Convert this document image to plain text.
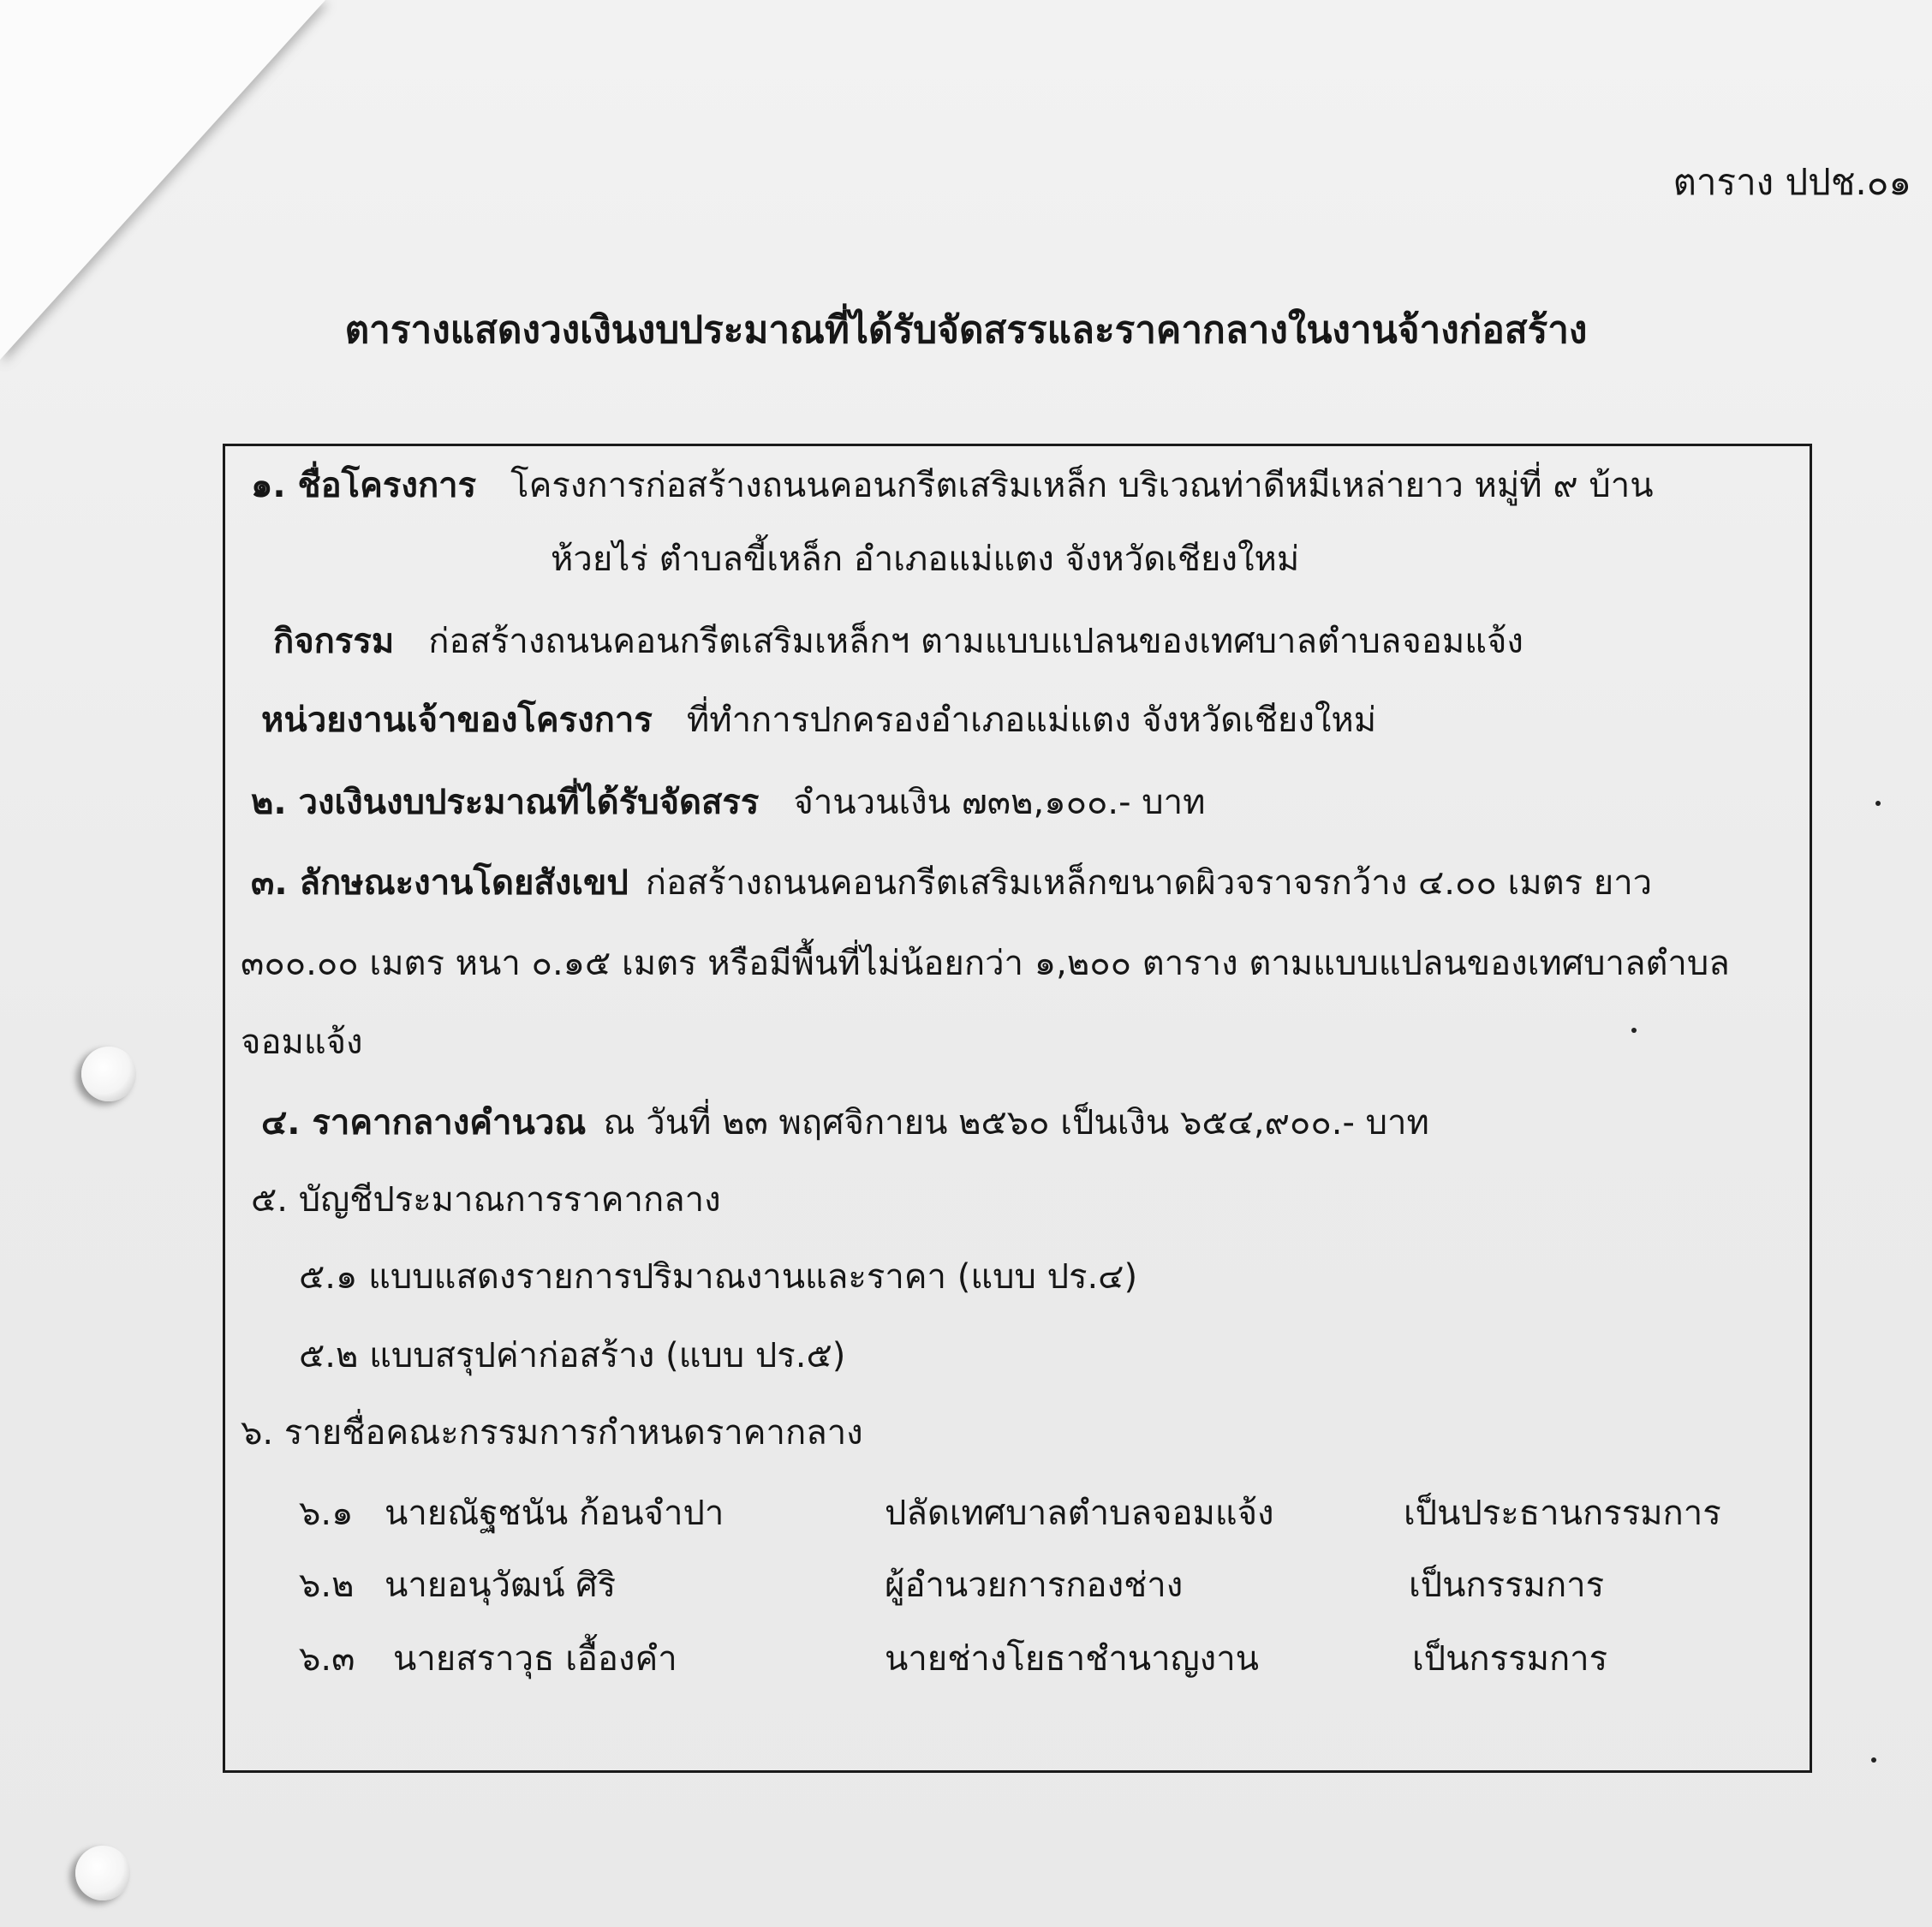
ตาราง ปปช.๐๑
ตารางแสดงวงเงินงบประมาณที่ได้รับจัดสรรและราคากลางในงานจ้างก่อสร้าง
๑. ชื่อโครงการ โครงการก่อสร้างถนนคอนกรีตเสริมเหล็ก บริเวณท่าดีหมีเหล่ายาว หมู่ที่ ๙ บ้าน
ห้วยไร่ ตำบลขี้เหล็ก อำเภอแม่แตง จังหวัดเชียงใหม่
กิจกรรม ก่อสร้างถนนคอนกรีตเสริมเหล็กฯ ตามแบบแปลนของเทศบาลตำบลจอมแจ้ง
หน่วยงานเจ้าของโครงการ ที่ทำการปกครองอำเภอแม่แตง จังหวัดเชียงใหม่
๒. วงเงินงบประมาณที่ได้รับจัดสรร จำนวนเงิน ๗๓๒,๑๐๐.- บาท
๓. ลักษณะงานโดยสังเขป ก่อสร้างถนนคอนกรีตเสริมเหล็กขนาดผิวจราจรกว้าง ๔.๐๐ เมตร ยาว
๓๐๐.๐๐ เมตร หนา ๐.๑๕ เมตร หรือมีพื้นที่ไม่น้อยกว่า ๑,๒๐๐ ตาราง ตามแบบแปลนของเทศบาลตำบล
จอมแจ้ง
๔. ราคากลางคำนวณ ณ วันที่ ๒๓ พฤศจิกายน ๒๕๖๐ เป็นเงิน ๖๕๔,๙๐๐.- บาท
๕. บัญชีประมาณการราคากลาง
๕.๑ แบบแสดงรายการปริมาณงานและราคา (แบบ ปร.๔)
๕.๒ แบบสรุปค่าก่อสร้าง (แบบ ปร.๕)
๖. รายชื่อคณะกรรมการกำหนดราคากลาง
๖.๑ นายณัฐชนัน ก้อนจำปา	ปลัดเทศบาลตำบลจอมแจ้ง	เป็นประธานกรรมการ
๖.๒ นายอนุวัฒน์ ศิริ	ผู้อำนวยการกองช่าง	เป็นกรรมการ
๖.๓ นายสราวุธ เอื้องคำ	นายช่างโยธาชำนาญงาน	เป็นกรรมการ
